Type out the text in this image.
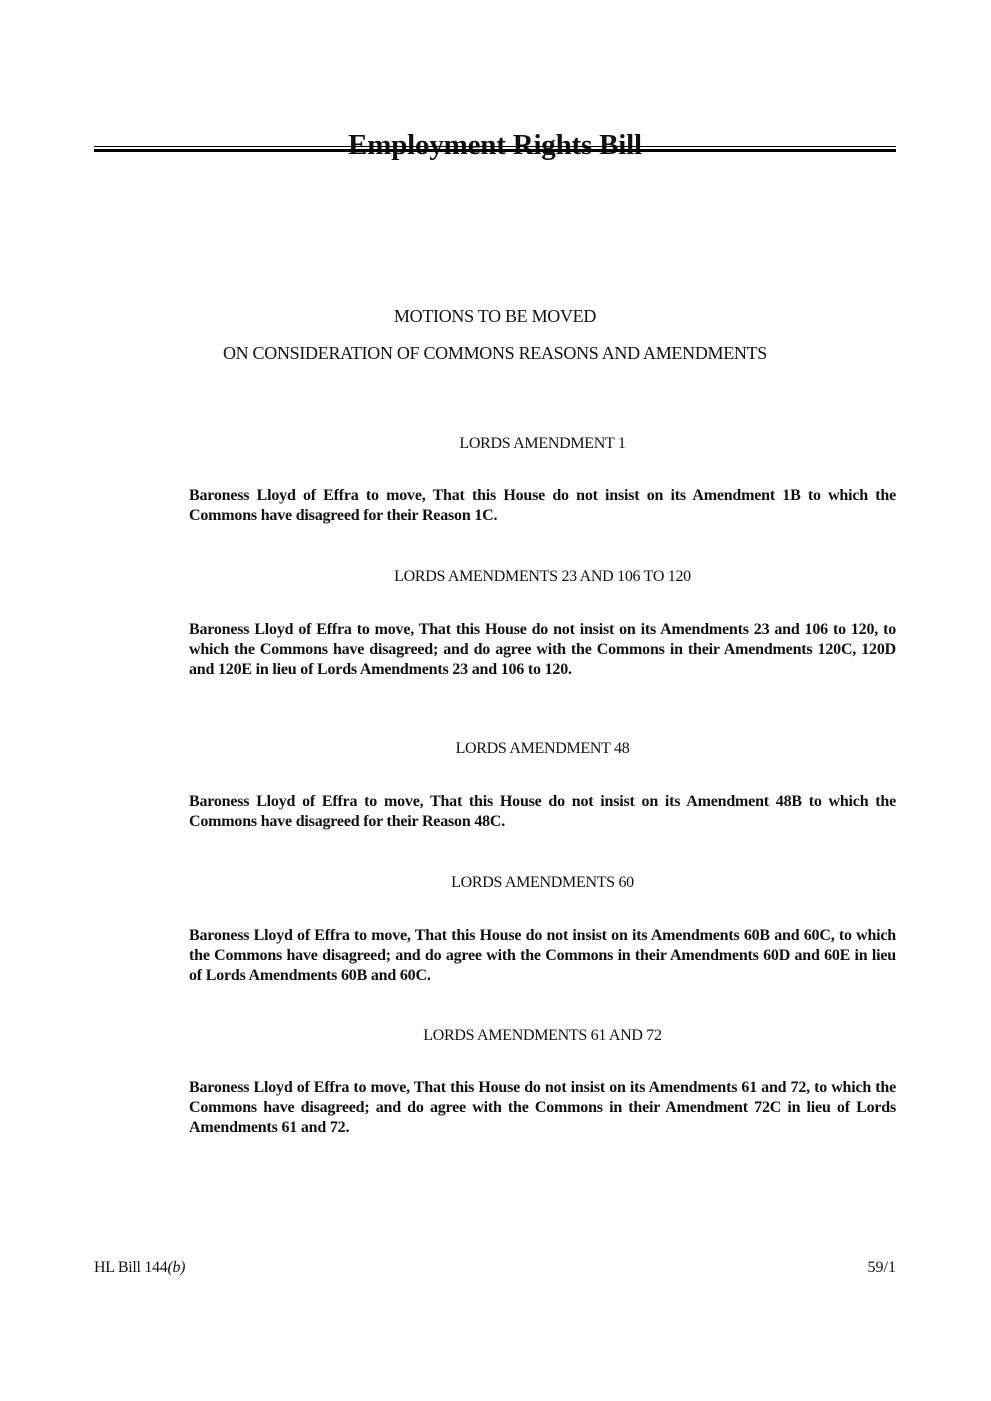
MOTIONS TO BE MOVED
ON CONSIDERATION OF COMMONS REASONS AND AMENDMENTS
LORDS AMENDMENT 1
Baroness Lloyd of Effra to move, That this House do not insist on its Amendment 1B to which the Commons have disagreed for their Reason 1C.
LORDS AMENDMENTS 23 AND 106 TO 120
Baroness Lloyd of Effra to move, That this House do not insist on its Amendments 23 and 106 to 120, to which the Commons have disagreed; and do agree with the Commons in their Amendments 120C, 120D and 120E in lieu of Lords Amendments 23 and 106 to 120.
LORDS AMENDMENT 48
Baroness Lloyd of Effra to move, That this House do not insist on its Amendment 48B to which the Commons have disagreed for their Reason 48C.
LORDS AMENDMENTS 60
Baroness Lloyd of Effra to move, That this House do not insist on its Amendments 60B and 60C, to which the Commons have disagreed; and do agree with the Commons in their Amendments 60D and 60E in lieu of Lords Amendments 60B and 60C.
LORDS AMENDMENTS 61 AND 72
Baroness Lloyd of Effra to move, That this House do not insist on its Amendments 61 and 72, to which the Commons have disagreed; and do agree with the Commons in their Amendment 72C in lieu of Lords Amendments 61 and 72.
HL Bill 144(b)	59/1
